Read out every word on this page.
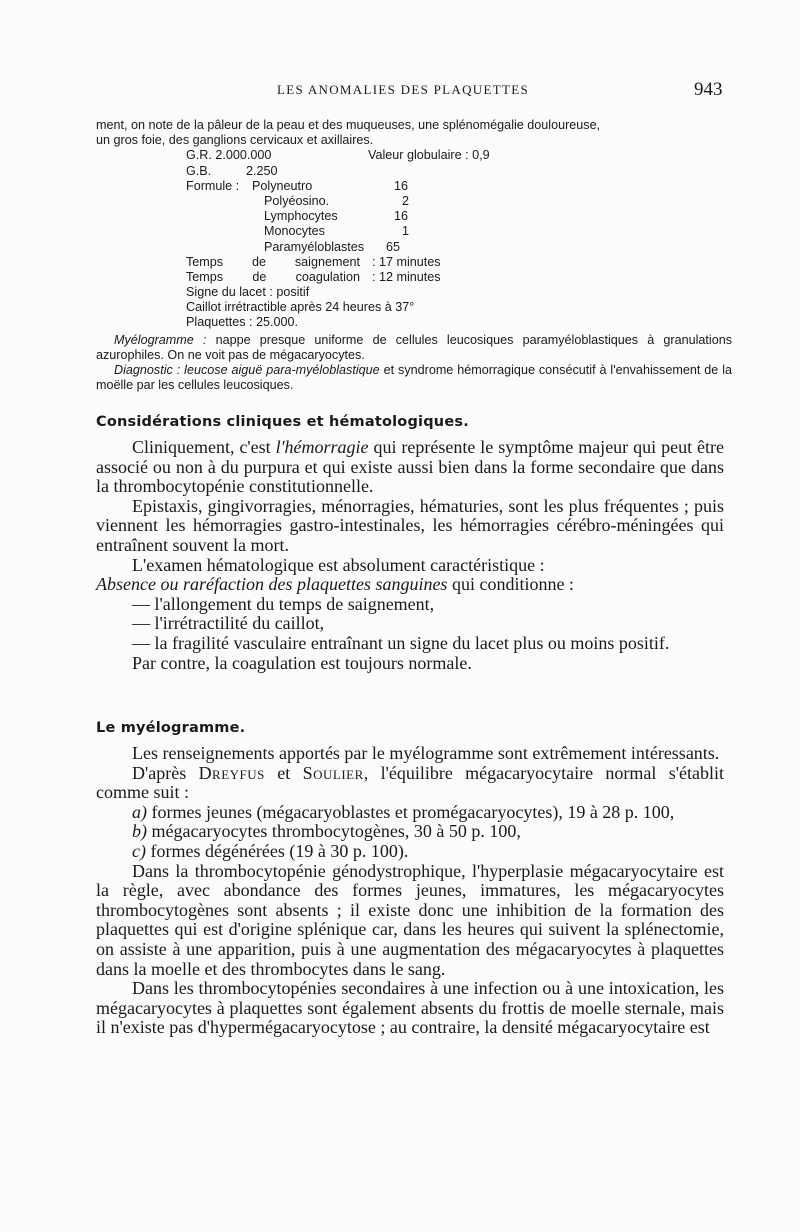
LES ANOMALIES DES PLAQUETTES	943

ment, on note de la pâleur de la peau et des muqueuses, une splénomégalie douloureuse,

un gros foie, des ganglions cervicaux et axillaires.

G.R. 2.000.000	Valeur globulaire : 0,9
G.B.	2.250
Formule : Polyneutro	16
Polyéosino.	2
Lymphocytes	16
Monocytes	1
Paramyéloblastes 65
Temps de saignement : 17 minutes
Temps de coagulation : 12 minutes
Signe du lacet : positif
Caillot irrétractible après 24 heures à 37°
Plaquettes : 25.000.

Myélogramme : nappe presque uniforme de cellules leucosiques paramyéloblastiques à granulations azurophiles. On ne voit pas de mégacaryocytes.

Diagnostic : leucose aiguë para-myéloblastique et syndrome hémorragique consécutif à l'envahissement de la moëlle par les cellules leucosiques.

Considérations cliniques et hématologiques.

Cliniquement, c'est l'hémorragie qui représente le symptôme majeur qui peut être associé ou non à du purpura et qui existe aussi bien dans la forme secondaire que dans la thrombocytopénie constitutionnelle.

Epistaxis, gingivorragies, ménorragies, hématuries, sont les plus fréquentes ; puis viennent les hémorragies gastro-intestinales, les hémorragies cérébro-méningées qui entraînent souvent la mort.

L'examen hématologique est absolument caractéristique :

Absence ou raréfaction des plaquettes sanguines qui conditionne :

— l'allongement du temps de saignement,

— l'irrétractilité du caillot,

— la fragilité vasculaire entraînant un signe du lacet plus ou moins positif.

Par contre, la coagulation est toujours normale.

Le myélogramme.

Les renseignements apportés par le myélogramme sont extrêmement intéressants.

D'après Dreyfus et Soulier, l'équilibre mégacaryocytaire normal s'établit comme suit :

a) formes jeunes (mégacaryoblastes et promégacaryocytes), 19 à 28 p. 100,

b) mégacaryocytes thrombocytogènes, 30 à 50 p. 100,

c) formes dégénérées (19 à 30 p. 100).

Dans la thrombocytopénie génodystrophique, l'hyperplasie mégacaryocytaire est la règle, avec abondance des formes jeunes, immatures, les mégacaryocytes thrombocytogènes sont absents ; il existe donc une inhibition de la formation des plaquettes qui est d'origine splénique car, dans les heures qui suivent la splénectomie, on assiste à une apparition, puis à une augmentation des mégacaryocytes à plaquettes dans la moelle et des thrombocytes dans le sang.

Dans les thrombocytopénies secondaires à une infection ou à une intoxication, les mégacaryocytes à plaquettes sont également absents du frottis de moelle sternale, mais il n'existe pas d'hypermégacaryocytose ; au contraire, la densité mégacaryocytaire est
